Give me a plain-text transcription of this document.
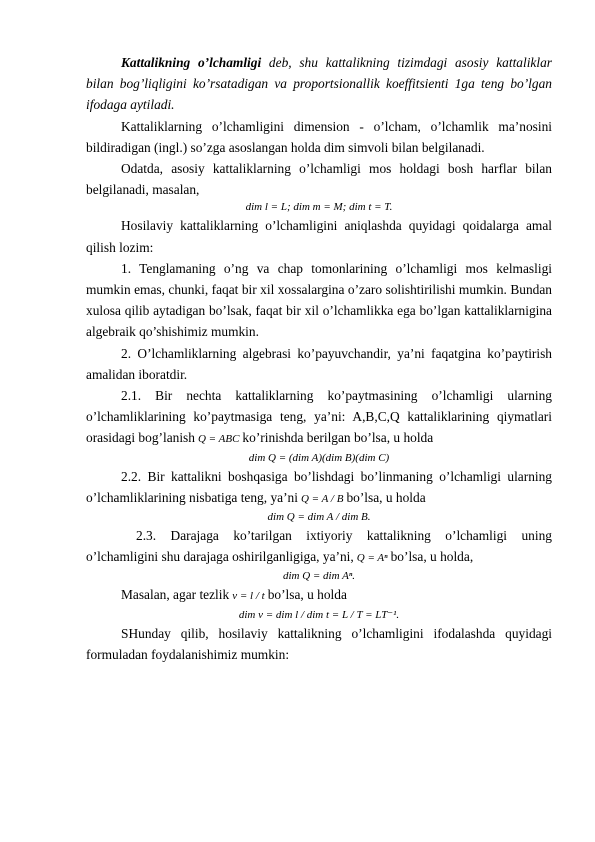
Kattalikning o’lchamligi deb, shu kattalikning tizimdagi asosiy kattaliklar bilan bog’liqligini ko’rsatadigan va proportsionallik koeffitsienti 1ga teng bo’lgan ifodaga aytiladi.

Kattaliklarning o’lchamligini dimension - o’lcham, o’lchamlik ma’nosini bildiradigan (ingl.) so’zga asoslangan holda dim simvoli bilan belgilanadi.

Odatda, asosiy kattaliklarning o’lchamligi mos holdagi bosh harflar bilan belgilanadi, masalan,

dim l = L; dim m = M; dim t = T.

Hosilaviy kattaliklarning o’lchamligini aniqlashda quyidagi qoidalarga amal qilish lozim:

1. Tenglamaning o’ng va chap tomonlarining o’lchamligi mos kelmasligi mumkin emas, chunki, faqat bir xil xossalargina o’zaro solishtirilishi mumkin. Bundan xulosa qilib aytadigan bo’lsak, faqat bir xil o’lchamlikka ega bo’lgan kattaliklarnigina algebraik qo’shishimiz mumkin.

2. O’lchamliklarning algebrasi ko’payuvchandir, ya’ni faqatgina ko’paytirish amalidan iboratdir.

2.1. Bir nechta kattaliklarning ko’paytmasining o’lchamligi ularning o’lchamliklarining ko’paytmasiga teng, ya’ni: A,B,C,Q kattaliklarining qiymatlari orasidagi bog’lanish Q = ABC ko’rinishda berilgan bo’lsa, u holda

dim Q = (dim A)(dim B)(dim C)

2.2. Bir kattalikni boshqasiga bo’lishdagi bo’linmaning o’lchamligi ularning o’lchamliklarining nisbatiga teng, ya’ni Q = A / B bo’lsa, u holda

dim Q = dim A / dim B.

2.3. Darajaga ko’tarilgan ixtiyoriy kattalikning o’lchamligi uning o’lchamligini shu darajaga oshirilganligiga, ya’ni, Q = Aⁿ bo’lsa, u holda,

dim Q = dim Aⁿ.

Masalan, agar tezlik v = l / t bo’lsa, u holda

dim v = dim l / dim t = L / T = LT⁻¹.

SHunday qilib, hosilaviy kattalikning o’lchamligini ifodalashda quyidagi formuladan foydalanishimiz mumkin:
